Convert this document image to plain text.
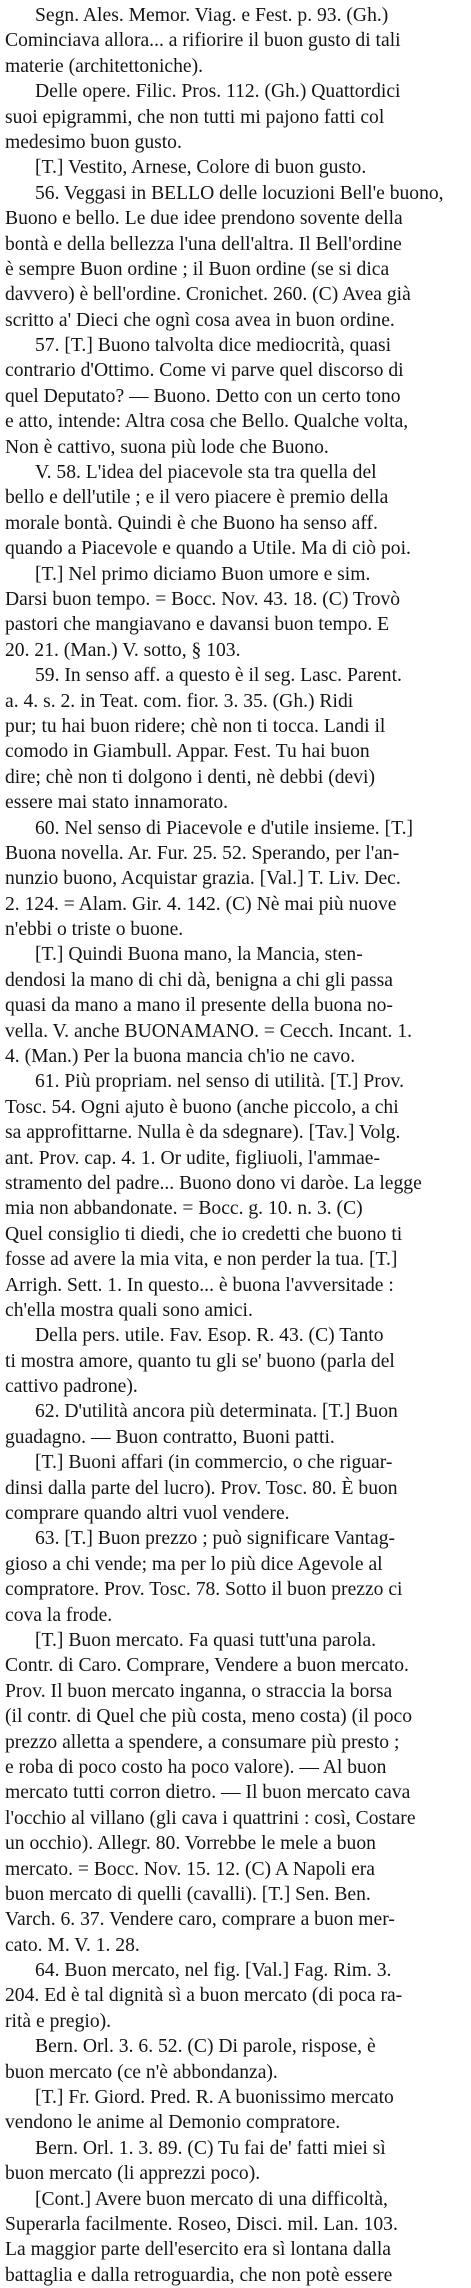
Segn. Ales. Memor. Viag. e Fest. p. 93. (Gh.)
Cominciava allora... a rifiorire il buon gusto di tali
materie (architettoniche).
Delle opere. Filic. Pros. 112. (Gh.) Quattordici
suoi epigrammi, che non tutti mi pajono fatti col
medesimo buon gusto.
[T.] Vestito, Arnese, Colore di buon gusto.
56. Veggasi in BELLO delle locuzioni Bell'e buono,
Buono e bello. Le due idee prendono sovente della
bontà e della bellezza l'una dell'altra. Il Bell'ordine
è sempre Buon ordine ; il Buon ordine (se si dica
davvero) è bell'ordine. Cronichet. 260. (C) Avea già
scritto a' Dieci che ognì cosa avea in buon ordine.
57. [T.] Buono talvolta dice mediocrità, quasi
contrario d'Ottimo. Come vi parve quel discorso di
quel Deputato? — Buono. Detto con un certo tono
e atto, intende: Altra cosa che Bello. Qualche volta,
Non è cattivo, suona più lode che Buono.
V. 58. L'idea del piacevole sta tra quella del
bello e dell'utile ; e il vero piacere è premio della
morale bontà. Quindi è che Buono ha senso aff.
quando a Piacevole e quando a Utile. Ma di ciò poi.
[T.] Nel primo diciamo Buon umore e sim.
Darsi buon tempo. = Bocc. Nov. 43. 18. (C) Trovò
pastori che mangiavano e davansi buon tempo. E
20. 21. (Man.) V. sotto, § 103.
59. In senso aff. a questo è il seg. Lasc. Parent.
a. 4. s. 2. in Teat. com. fior. 3. 35. (Gh.) Ridi
pur; tu hai buon ridere; chè non ti tocca. Landi il
comodo in Giambull. Appar. Fest. Tu hai buon
dire; chè non ti dolgono i denti, nè debbi (devi)
essere mai stato innamorato.
60. Nel senso di Piacevole e d'utile insieme. [T.]
Buona novella. Ar. Fur. 25. 52. Sperando, per l'an-
nunzio buono, Acquistar grazia. [Val.] T. Liv. Dec.
2. 124. = Alam. Gir. 4. 142. (C) Nè mai più nuove
n'ebbi o triste o buone.
[T.] Quindi Buona mano, la Mancia, sten-
dendosi la mano di chi dà, benigna a chi gli passa
quasi da mano a mano il presente della buona no-
vella. V. anche BUONAMANO. = Cecch. Incant. 1.
4. (Man.) Per la buona mancia ch'io ne cavo.
61. Più propriam. nel senso di utilità. [T.] Prov.
Tosc. 54. Ogni ajuto è buono (anche piccolo, a chi
sa approfittarne. Nulla è da sdegnare). [Tav.] Volg.
ant. Prov. cap. 4. 1. Or udite, figliuoli, l'ammae-
stramento del padre... Buono dono vi daròe. La legge
mia non abbandonate. = Bocc. g. 10. n. 3. (C)
Quel consiglio ti diedi, che io credetti che buono ti
fosse ad avere la mia vita, e non perder la tua. [T.]
Arrigh. Sett. 1. In questo... è buona l'avversitade :
ch'ella mostra quali sono amici.
Della pers. utile. Fav. Esop. R. 43. (C) Tanto
ti mostra amore, quanto tu gli se' buono (parla del
cattivo padrone).
62. D'utilità ancora più determinata. [T.] Buon
guadagno. — Buon contratto, Buoni patti.
[T.] Buoni affari (in commercio, o che riguar-
dinsi dalla parte del lucro). Prov. Tosc. 80. È buon
comprare quando altri vuol vendere.
63. [T.] Buon prezzo ; può significare Vantag-
gioso a chi vende; ma per lo più dice Agevole al
compratore. Prov. Tosc. 78. Sotto il buon prezzo ci
cova la frode.
[T.] Buon mercato. Fa quasi tutt'una parola.
Contr. di Caro. Comprare, Vendere a buon mercato.
Prov. Il buon mercato inganna, o straccia la borsa
(il contr. di Quel che più costa, meno costa) (il poco
prezzo alletta a spendere, a consumare più presto ;
e roba di poco costo ha poco valore). — Al buon
mercato tutti corron dietro. — Il buon mercato cava
l'occhio al villano (gli cava i quattrini : così, Costare
un occhio). Allegr. 80. Vorrebbe le mele a buon
mercato. = Bocc. Nov. 15. 12. (C) A Napoli era
buon mercato di quelli (cavalli). [T.] Sen. Ben.
Varch. 6. 37. Vendere caro, comprare a buon mer-
cato. M. V. 1. 28.
64. Buon mercato, nel fig. [Val.] Fag. Rim. 3.
204. Ed è tal dignità sì a buon mercato (di poca ra-
rità e pregio).
Bern. Orl. 3. 6. 52. (C) Di parole, rispose, è
buon mercato (ce n'è abbondanza).
[T.] Fr. Giord. Pred. R. A buonissimo mercato
vendono le anime al Demonio compratore.
Bern. Orl. 1. 3. 89. (C) Tu fai de' fatti miei sì
buon mercato (li apprezzi poco).
[Cont.] Avere buon mercato di una difficoltà,
Superarla facilmente. Roseo, Disci. mil. Lan. 103.
La maggior parte dell'esercito era sì lontana dalla
battaglia e dalla retroguardia, che non potè essere
